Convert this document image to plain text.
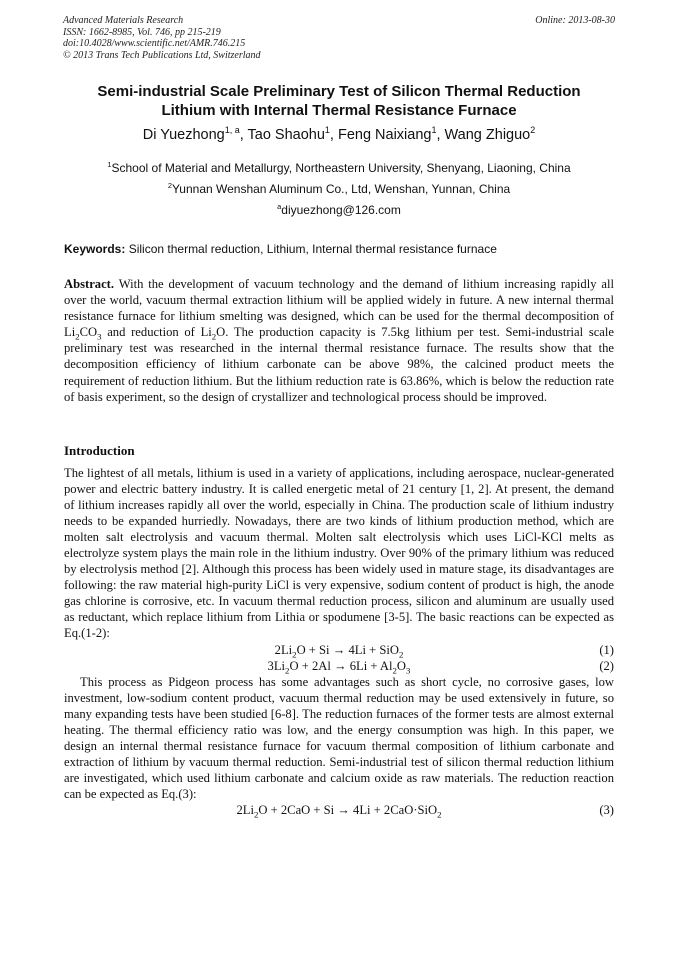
Advanced Materials Research
ISSN: 1662-8985, Vol. 746, pp 215-219
doi:10.4028/www.scientific.net/AMR.746.215
© 2013 Trans Tech Publications Ltd, Switzerland
Online: 2013-08-30
Semi-industrial Scale Preliminary Test of Silicon Thermal Reduction
Lithium with Internal Thermal Resistance Furnace
Di Yuezhong$^{1, a}$, Tao Shaohu$^1$, Feng Naixiang$^1$, Wang Zhiguo$^2$
$^1$School of Material and Metallurgy, Northeastern University, Shenyang, Liaoning, China
$^2$Yunnan Wenshan Aluminum Co., Ltd, Wenshan, Yunnan, China
$^a$diyuezhong@126.com
Keywords: Silicon thermal reduction, Lithium, Internal thermal resistance furnace
Abstract. With the development of vacuum technology and the demand of lithium increasing rapidly all over the world, vacuum thermal extraction lithium will be applied widely in future. A new internal thermal resistance furnace for lithium smelting was designed, which can be used for the thermal decomposition of $Li_2CO_3$ and reduction of $Li_2O$. The production capacity is 7.5kg lithium per test. Semi-industrial scale preliminary test was researched in the internal thermal resistance furnace. The results show that the decomposition efficiency of lithium carbonate can be above 98%, the calcined product meets the requirement of reduction lithium. But the lithium reduction rate is 63.86%, which is below the reduction rate of basis experiment, so the design of crystallizer and technological process should be improved.
Introduction

The lightest of all metals, lithium is used in a variety of applications, including aerospace, nuclear-generated power and electric battery industry. It is called energetic metal of 21 century [1, 2]. At present, the demand of lithium increases rapidly all over the world, especially in China. The production scale of lithium industry needs to be expanded hurriedly. Nowadays, there are two kinds of lithium production method, which are molten salt electrolysis and vacuum thermal. Molten salt electrolysis which uses LiCl-KCl melts as electrolyze system plays the main role in the lithium industry. Over 90% of the primary lithium was reduced by electrolysis method [2]. Although this process has been widely used in mature stage, its disadvantages are following: the raw material high-purity LiCl is very expensive, sodium content of product is high, the anode gas chlorine is corrosive, etc. In vacuum thermal reduction process, silicon and aluminum are usually used as reductant, which replace lithium from Lithia or spodumene [3-5]. The basic reactions can be expected as Eq.(1-2):

$2Li_2O + Si \to 4Li + SiO_2$	(1)
$3Li_2O + 2Al \to 6Li + Al_2O_3$	(2)

This process as Pidgeon process has some advantages such as short cycle, no corrosive gases, low investment, low-sodium content product, vacuum thermal reduction may be used extensively in future, so many expanding tests have been studied [6-8]. The reduction furnaces of the former tests are almost external heating. The thermal efficiency ratio was low, and the energy consumption was high. In this paper, we design an internal thermal resistance furnace for vacuum thermal composition of lithium carbonate and extraction of lithium by vacuum thermal reduction. Semi-industrial test of silicon thermal reduction lithium are investigated, which used lithium carbonate and calcium oxide as raw materials. The reduction reaction can be expected as Eq.(3):

$2Li_2O + 2CaO + Si \to 4Li + 2CaO\cdot SiO_2$	(3)
